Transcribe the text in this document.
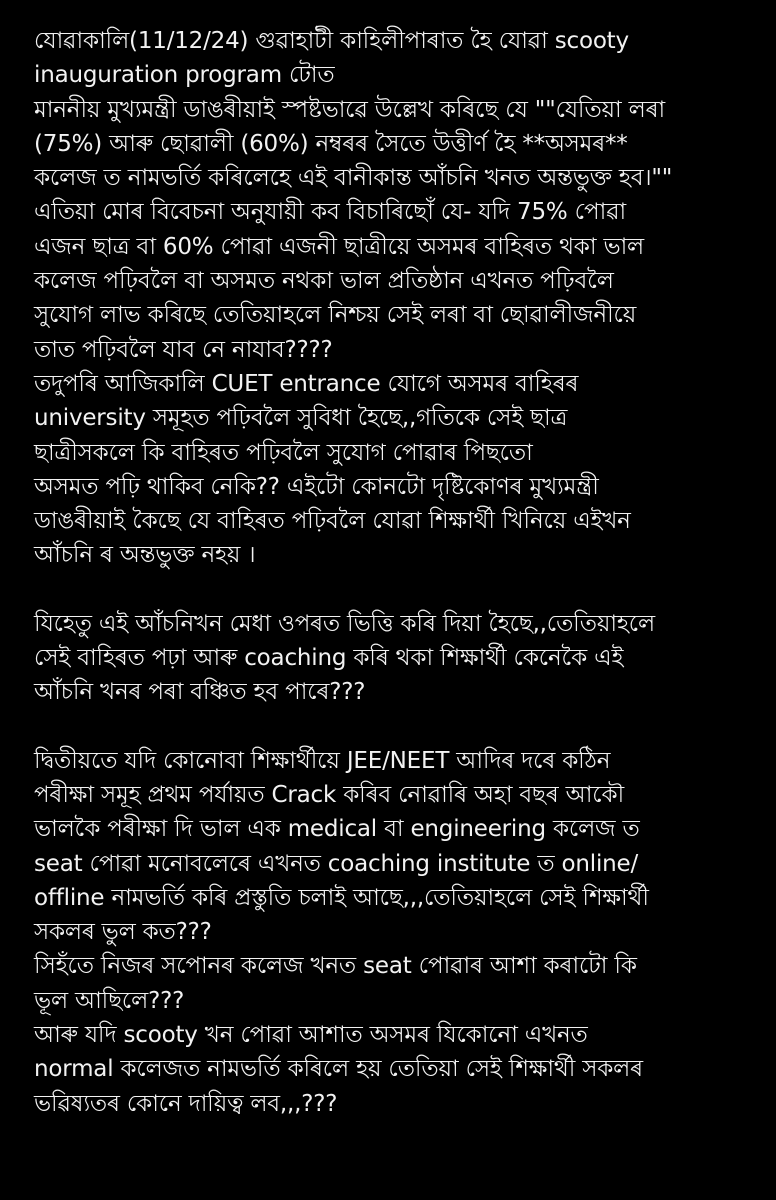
যোৱাকালি(11/12/24) গুৱাহাটী কাহিলীপাৰাত হৈ যোৱা scooty
inauguration program টোত
মাননীয় মুখ্যমন্ত্ৰী ডাঙৰীয়াই স্পষ্টভাৱে উল্লেখ কৰিছে যে ""যেতিয়া লৰা
(75%) আৰু ছোৱালী (60%) নম্বৰৰ সৈতে উত্তীৰ্ণ হৈ **অসমৰ**
কলেজ ত নামভৰ্তি কৰিলেহে এই বানীকান্ত আঁচনি খনত অন্তভুক্ত হব।""
এতিয়া মোৰ বিবেচনা অনুযায়ী কব বিচাৰিছোঁ যে- যদি 75% পোৱা
এজন ছাত্ৰ বা 60% পোৱা এজনী ছাত্ৰীয়ে অসমৰ বাহিৰত থকা ভাল
কলেজ পঢ়িবলৈ বা অসমত নথকা ভাল প্ৰতিষ্ঠান এখনত পঢ়িবলৈ
সুযোগ লাভ কৰিছে তেতিয়াহলে নিশ্চয় সেই লৰা বা ছোৱালীজনীয়ে
তাত পঢ়িবলৈ যাব নে নাযাব????
তদুপৰি আজিকালি CUET entrance যোগে অসমৰ বাহিৰৰ
university সমূহত পঢ়িবলৈ সুবিধা হৈছে,,গতিকে সেই ছাত্ৰ
ছাত্ৰীসকলে কি বাহিৰত পঢ়িবলৈ সুযোগ পোৱাৰ পিছতো
অসমত পঢ়ি থাকিব নেকি?? এইটো কোনটো দৃষ্টিকোণৰ মুখ্যমন্ত্ৰী
ডাঙৰীয়াই কৈছে যে বাহিৰত পঢ়িবলৈ যোৱা শিক্ষাৰ্থী খিনিয়ে এইখন
আঁচনি ৰ অন্তভুক্ত নহয় ।
যিহেতু এই আঁচনিখন মেধা ওপৰত ভিত্তি কৰি দিয়া হৈছে,,তেতিয়াহলে
সেই বাহিৰত পঢ়া আৰু coaching কৰি থকা শিক্ষাৰ্থী কেনেকৈ এই
আঁচনি খনৰ পৰা বঞ্চিত হব পাৰে???
দ্বিতীয়তে যদি কোনোবা শিক্ষাৰ্থীয়ে JEE/NEET আদিৰ দৰে কঠিন
পৰীক্ষা সমূহ প্ৰথম পৰ্যায়ত Crack কৰিব নোৱাৰি অহা বছৰ আকৌ
ভালকৈ পৰীক্ষা দি ভাল এক medical বা engineering কলেজ ত
seat পোৱা মনোবলেৰে এখনত coaching institute ত online/
offline নামভৰ্তি কৰি প্ৰস্তুতি চলাই আছে,,,তেতিয়াহলে সেই শিক্ষাৰ্থী
সকলৰ ভুল কত???
সিহঁতে নিজৰ সপোনৰ কলেজ খনত seat পোৱাৰ আশা কৰাটো কি
ভূল আছিলে???
আৰু যদি scooty খন পোৱা আশাত অসমৰ যিকোনো এখনত
normal কলেজত নামভৰ্তি কৰিলে হয় তেতিয়া সেই শিক্ষাৰ্থী সকলৰ
ভৱিষ্যতৰ কোনে দায়িত্ব লব,,,???
